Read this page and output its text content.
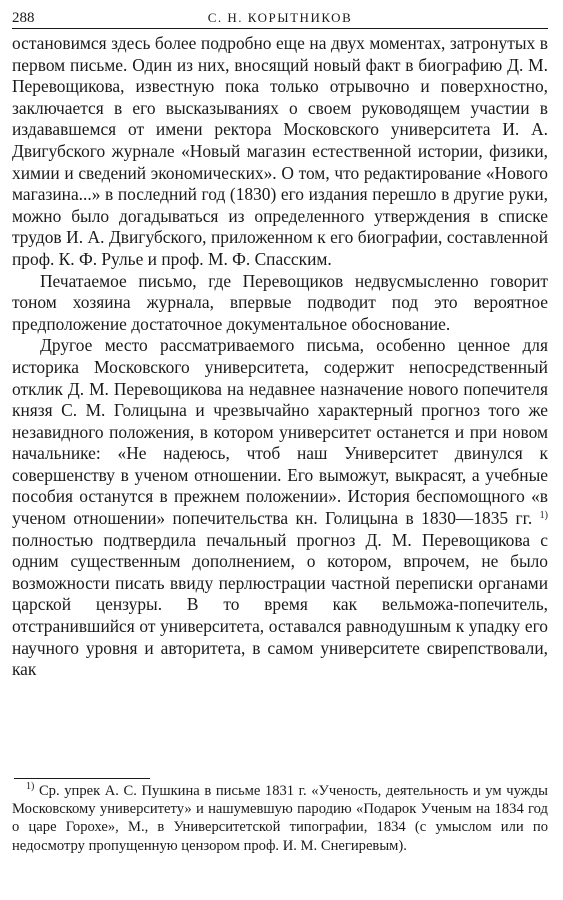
288	С. Н. КОРЫТНИКОВ

остановимся здесь более подробно еще на двух моментах, затронутых в первом письме. Один из них, вносящий новый факт в биографию Д. М. Перевощикова, известную пока только отрывочно и поверхностно, заключается в его высказываниях о своем руководящем участии в издававшемся от имени ректора Московского университета И. А. Двигубского журнале «Новый магазин естественной истории, физики, химии и сведений экономических». О том, что редактирование «Нового магазина...» в последний год (1830) его издания перешло в другие руки, можно было догадываться из определенного утверждения в списке трудов И. А. Двигубского, приложенном к его биографии, составленной проф. К. Ф. Рулье и проф. М. Ф. Спасским.

Печатаемое письмо, где Перевощиков недвусмысленно говорит тоном хозяина журнала, впервые подводит под это вероятное предположение достаточное документальное обоснование.

Другое место рассматриваемого письма, особенно ценное для историка Московского университета, содержит непосредственный отклик Д. М. Перевощикова на недавнее назначение нового попечителя князя С. М. Голицына и чрезвычайно характерный прогноз того же незавидного положения, в котором университет останется и при новом начальнике: «Не надеюсь, чтоб наш Университет двинулся к совершенству в ученом отношении. Его выможут, выкрасят, а учебные пособия останутся в прежнем положении». История беспомощного «в ученом отношении» попечительства кн. Голицына в 1830—1835 гг. $^{1)}$ полностью подтвердила печальный прогноз Д. М. Перевощикова с одним существенным дополнением, о котором, впрочем, не было возможности писать ввиду перлюстрации частной переписки органами царской цензуры. В то время как вельможа-попечитель, отстранившийся от университета, оставался равнодушным к упадку его научного уровня и авторитета, в самом университете свирепствовали, как

$^{1)}$ Ср. упрек А. С. Пушкина в письме 1831 г. «Ученость, деятельность и ум чужды Московскому университету» и нашумевшую пародию «Подарок Ученым на 1834 год о царе Горохе», М., в Университетской типографии, 1834 (с умыслом или по недосмотру пропущенную цензором проф. И. М. Снегиревым).
